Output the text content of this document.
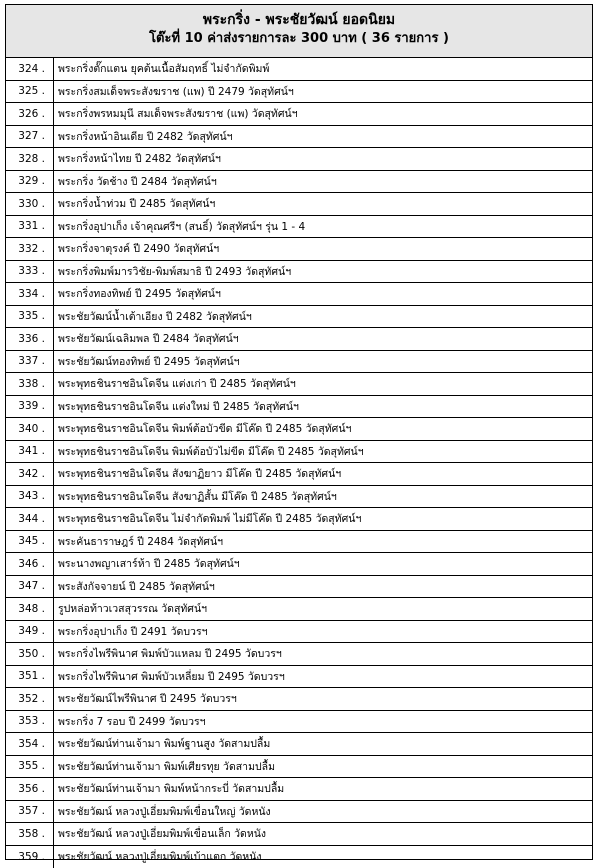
พระกริ่ง - พระชัยวัฒน์ ยอดนิยม
โต๊ะที่ 10 ค่าส่งรายการละ 300 บาท ( 36 รายการ )
324 .	พระกริ่งตั๊กแตน ยุคต้นเนื้อสัมฤทธิ์ ไม่จำกัดพิมพ์
325 .	พระกริ่งสมเด็จพระสังฆราช (แพ) ปี 2479 วัดสุทัศน์ฯ
326 .	พระกริ่งพรหมมุนี สมเด็จพระสังฆราช (แพ) วัดสุทัศน์ฯ
327 .	พระกริ่งหน้าอินเดีย ปี 2482 วัดสุทัศน์ฯ
328 .	พระกริ่งหน้าไทย ปี 2482 วัดสุทัศน์ฯ
329 .	พระกริ่ง วัดช้าง ปี 2484 วัดสุทัศน์ฯ
330 .	พระกริ่งน้ำท่วม ปี 2485 วัดสุทัศน์ฯ
331 .	พระกริ่งอุปาเก็ง เจ้าคุณศรีฯ (สนธิ์) วัดสุทัศน์ฯ รุ่น 1 - 4
332 .	พระกริ่งจาตุรงค์ ปี 2490 วัดสุทัศน์ฯ
333 .	พระกริ่งพิมพ์มารวิชัย-พิมพ์สมาธิ ปี 2493 วัดสุทัศน์ฯ
334 .	พระกริ่งทองทิพย์ ปี 2495 วัดสุทัศน์ฯ
335 .	พระชัยวัฒน์น้ำเต้าเอียง ปี 2482 วัดสุทัศน์ฯ
336 .	พระชัยวัฒน์เฉลิมพล ปี 2484 วัดสุทัศน์ฯ
337 .	พระชัยวัฒน์ทองทิพย์ ปี 2495 วัดสุทัศน์ฯ
338 .	พระพุทธชินราชอินโดจีน แต่งเก่า ปี 2485 วัดสุทัศน์ฯ
339 .	พระพุทธชินราชอินโดจีน แต่งใหม่ ปี 2485 วัดสุทัศน์ฯ
340 .	พระพุทธชินราชอินโดจีน พิมพ์ต้อบัวขีด มีโค๊ด ปี 2485 วัดสุทัศน์ฯ
341 .	พระพุทธชินราชอินโดจีน พิมพ์ต้อบัวไม่ขีด มีโค๊ด ปี 2485 วัดสุทัศน์ฯ
342 .	พระพุทธชินราชอินโดจีน สังฆาฏิยาว มีโค๊ด ปี 2485 วัดสุทัศน์ฯ
343 .	พระพุทธชินราชอินโดจีน สังฆาฏิสั้น มีโค๊ด ปี 2485 วัดสุทัศน์ฯ
344 .	พระพุทธชินราชอินโดจีน ไม่จำกัดพิมพ์ ไม่มีโค๊ด ปี 2485 วัดสุทัศน์ฯ
345 .	พระคันธาราษฎร์ ปี 2484 วัดสุทัศน์ฯ
346 .	พระนางพญาเสาร์ห้า ปี 2485 วัดสุทัศน์ฯ
347 .	พระสังกัจจายน์ ปี 2485 วัดสุทัศน์ฯ
348 .	รูปหล่อท้าวเวสสุวรรณ วัดสุทัศน์ฯ
349 .	พระกริ่งอุปาเก็ง ปี 2491 วัดบวรฯ
350 .	พระกริ่งไพรีพินาศ พิมพ์บัวแหลม ปี 2495 วัดบวรฯ
351 .	พระกริ่งไพรีพินาศ พิมพ์บัวเหลี่ยม ปี 2495 วัดบวรฯ
352 .	พระชัยวัฒน์ไพรีพินาศ ปี 2495 วัดบวรฯ
353 .	พระกริ่ง 7 รอบ ปี 2499 วัดบวรฯ
354 .	พระชัยวัฒน์ท่านเจ้ามา พิมพ์ฐานสูง วัดสามปลื้ม
355 .	พระชัยวัฒน์ท่านเจ้ามา พิมพ์เศียรทุย วัดสามปลื้ม
356 .	พระชัยวัฒน์ท่านเจ้ามา พิมพ์หน้ากระบี่ วัดสามปลื้ม
357 .	พระชัยวัฒน์ หลวงปู่เอี่ยมพิมพ์เขื่อนใหญ่ วัดหนัง
358 .	พระชัยวัฒน์ หลวงปู่เอี่ยมพิมพ์เขื่อนเล็ก วัดหนัง
359 .	พระชัยวัฒน์ หลวงปู่เอี่ยมพิมพ์เบ้าแตก วัดหนัง
